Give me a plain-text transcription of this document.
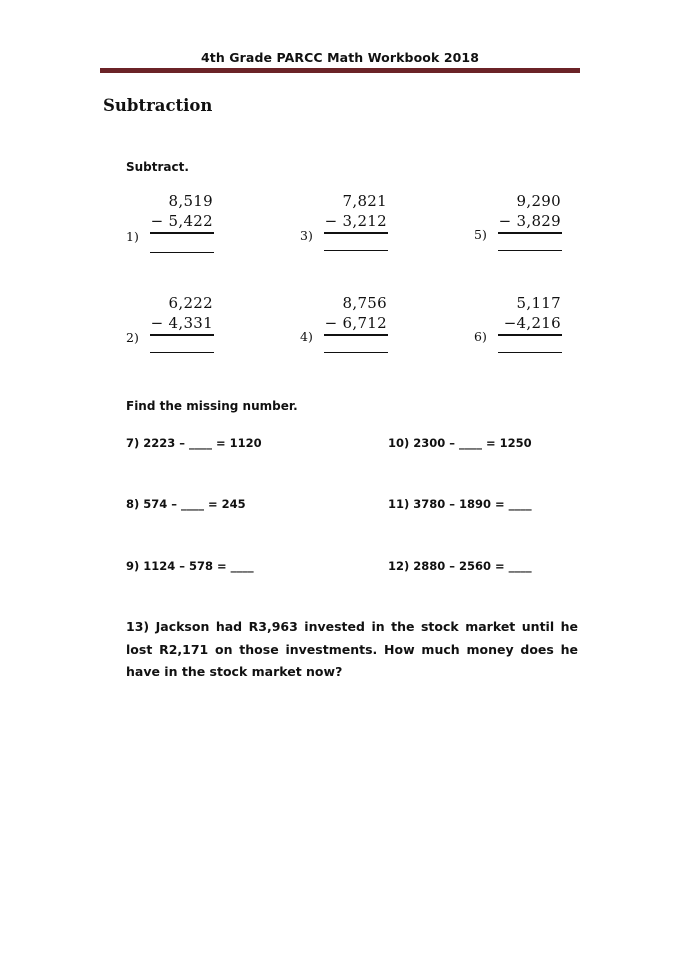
4th Grade PARCC Math Workbook 2018
Subtraction
Subtract.
1)
8,519
− 5,422
2)
6,222
− 4,331
3)
7,821
− 3,212
4)
8,756
− 6,712
5)
9,290
− 3,829
6)
5,117
−4,216
Find the missing number.
7) 2223 – ____ = 1120
8) 574 – ____ = 245
9) 1124 – 578 = ____
10) 2300 – ____ = 1250
11) 3780 – 1890 = ____
12) 2880 – 2560 = ____
13) Jackson had R3,963 invested in the stock market until he lost R2,171 on those investments. How much money does he have in the stock market now?
